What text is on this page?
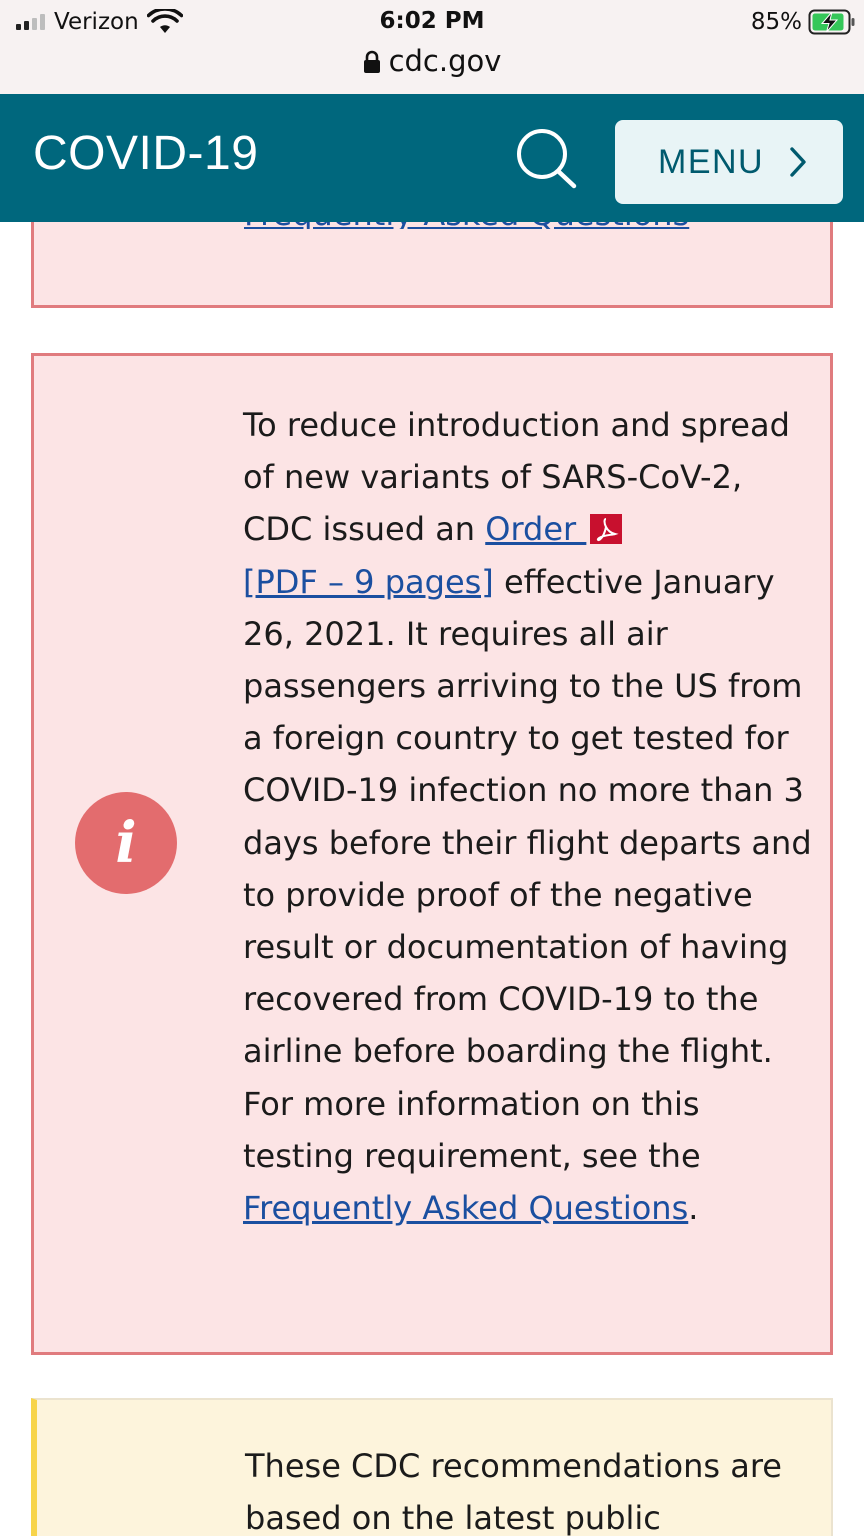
Verizon	6:02 PM	85%
cdc.gov
i
To reduce introduction and spread of new variants of SARS-CoV-2, CDC issued an Order
[PDF – 9 pages] effective January 26, 2021. It requires all air passengers arriving to the US from a foreign country to get tested for COVID-19 infection no more than 3 days before their flight departs and to provide proof of the negative result or documentation of having recovered from COVID-19 to the airline before boarding the flight. For more information on this testing requirement, see the Frequently Asked Questions.
These CDC recommendations are based on the latest public
COVID-19	MENU
